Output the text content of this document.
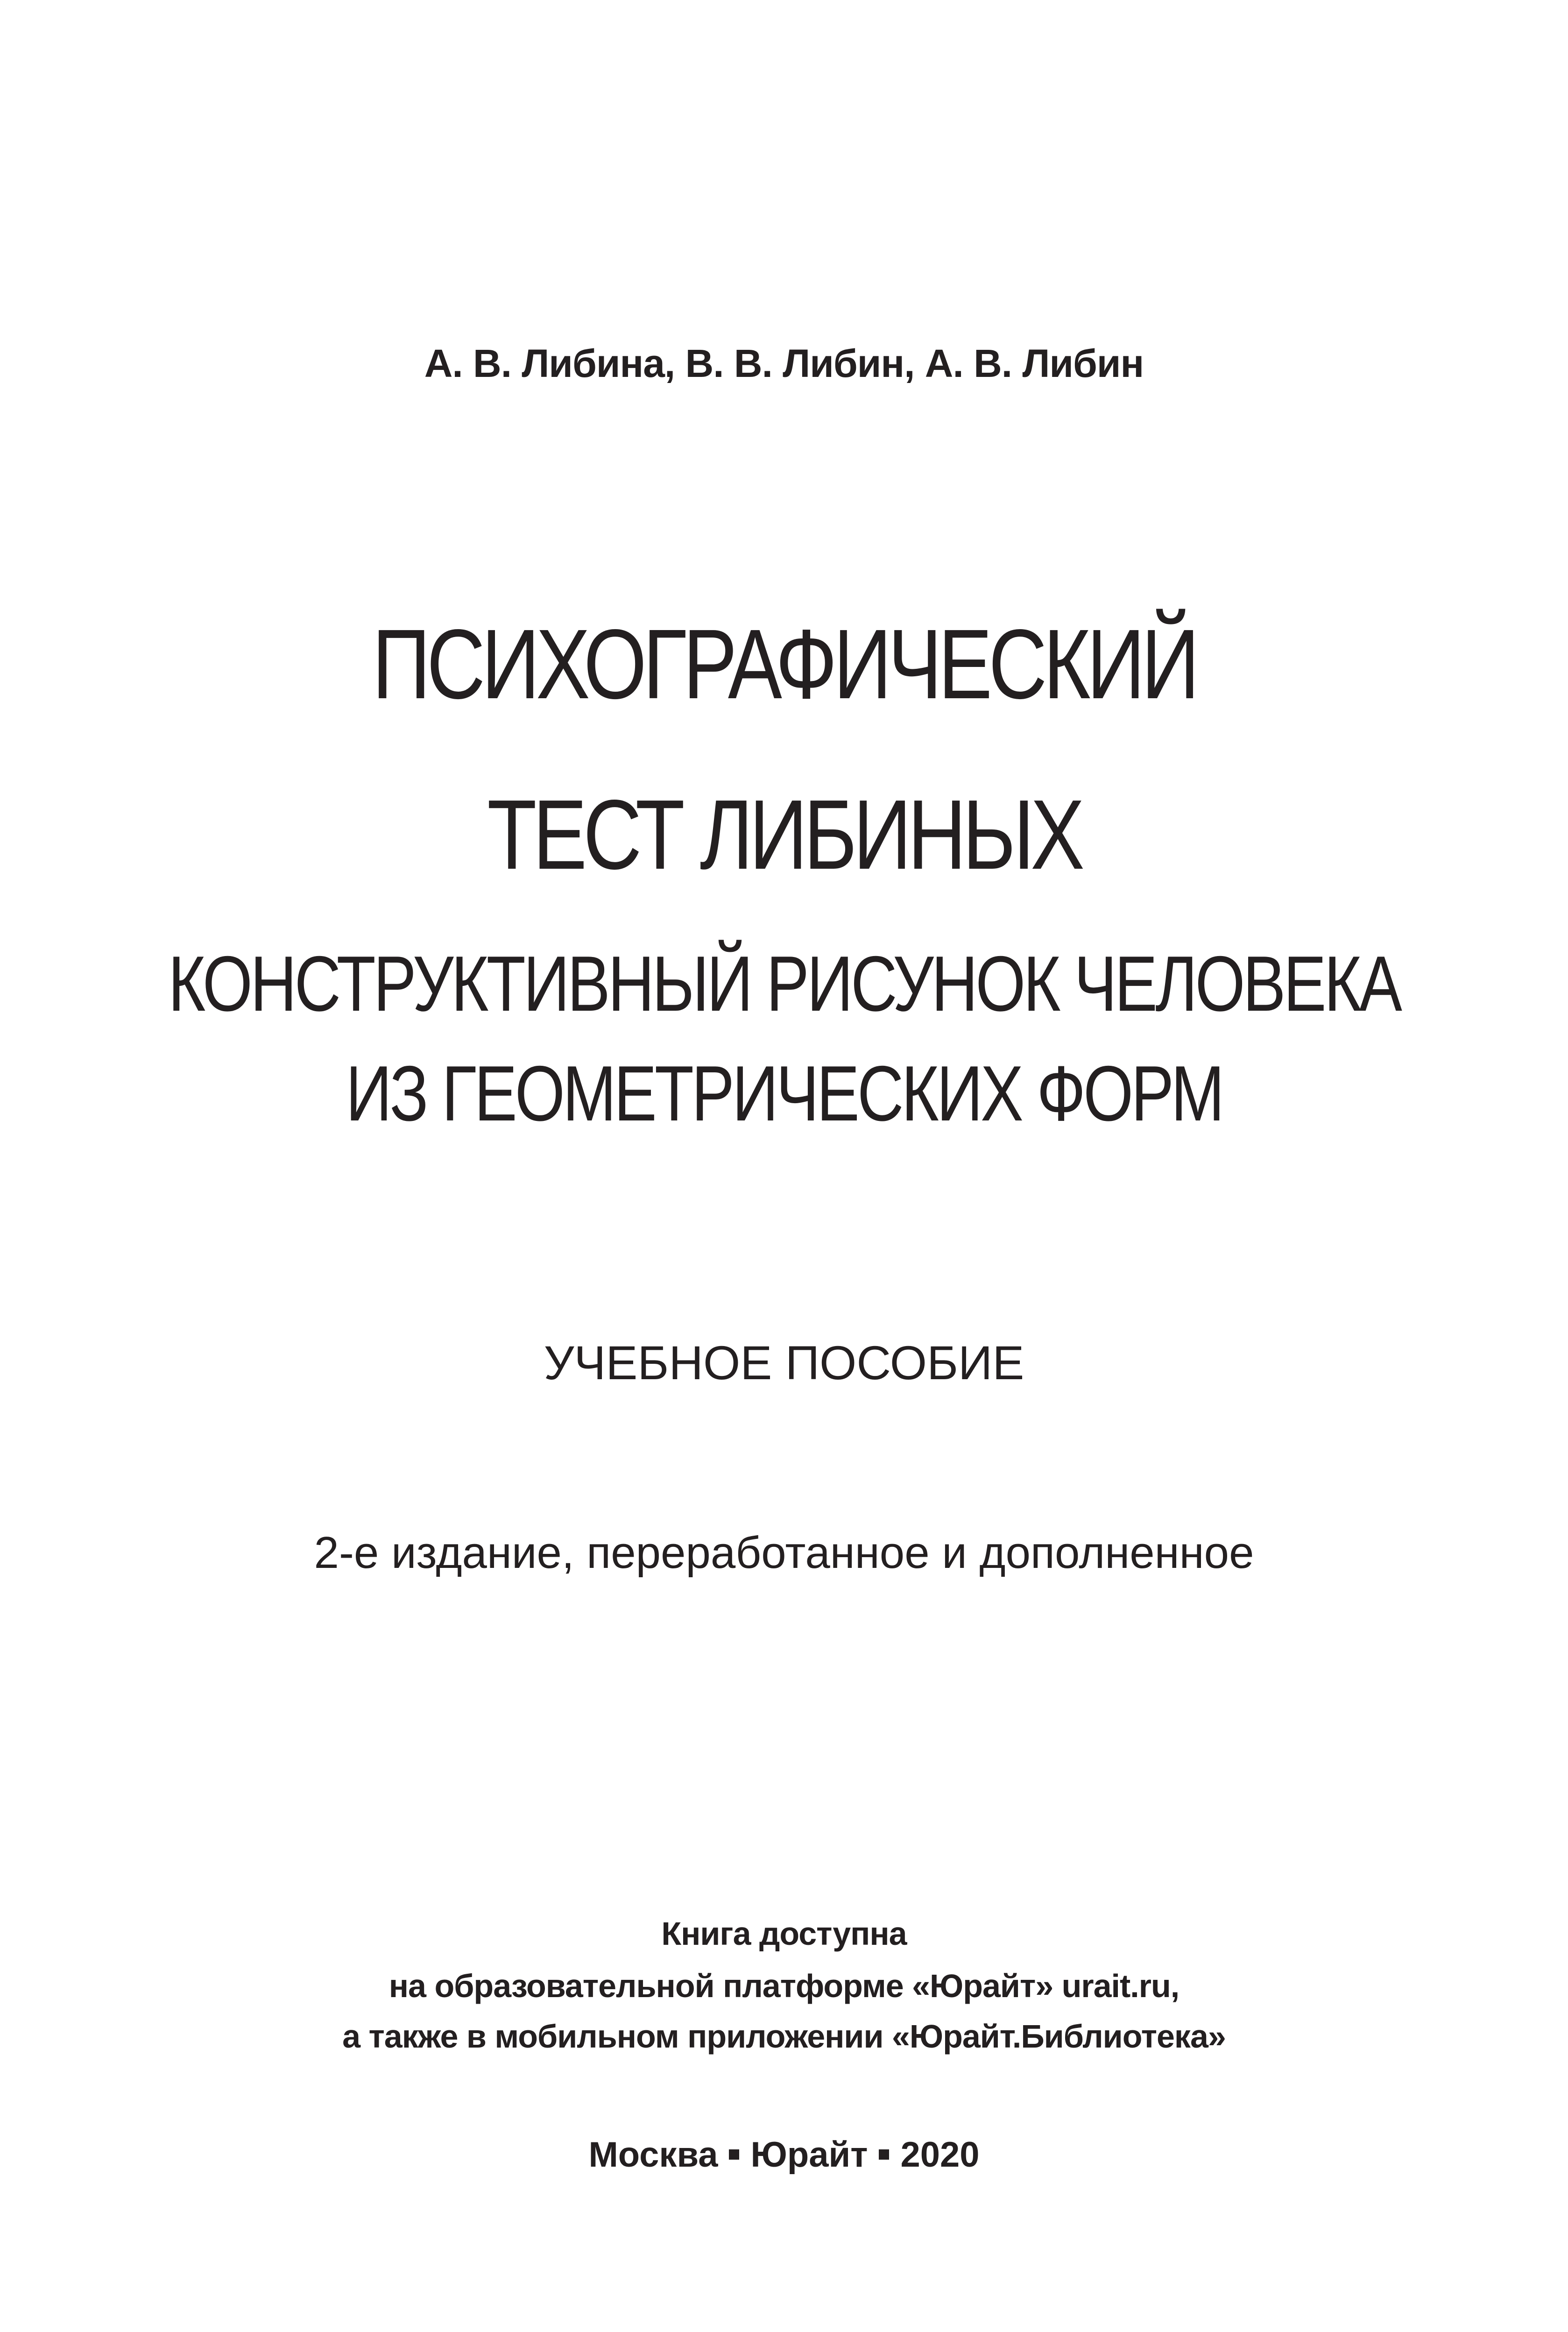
А. В. Либина, В. В. Либин, А. В. Либин
ПСИХОГРАФИЧЕСКИЙ
ТЕСТ ЛИБИНЫХ
КОНСТРУКТИВНЫЙ РИСУНОК ЧЕЛОВЕКА
ИЗ ГЕОМЕТРИЧЕСКИХ ФОРМ
УЧЕБНОЕ ПОСОБИЕ
2-е издание, переработанное и дополненное
Книга доступна
на образовательной платформе «Юрайт» urait.ru,
а также в мобильном приложении «Юрайт.Библиотека»
Москва Юрайт 2020
